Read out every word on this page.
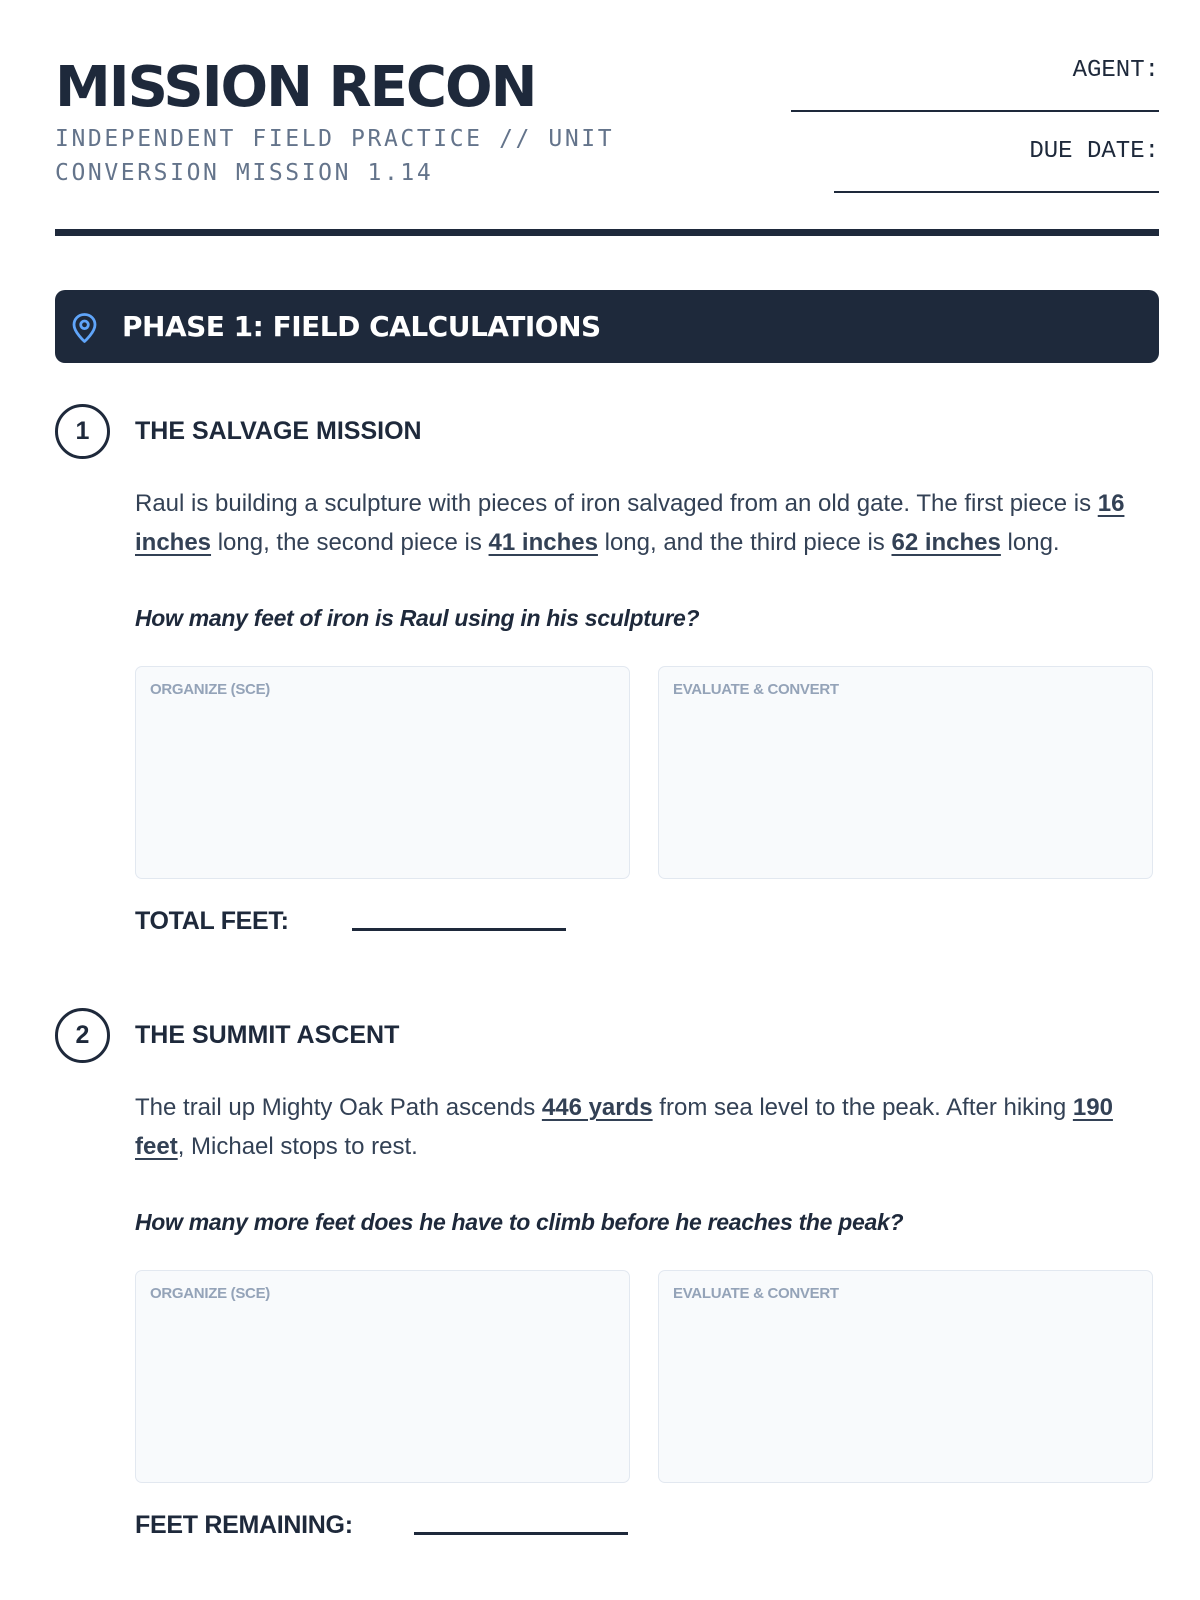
MISSION RECON

INDEPENDENT FIELD PRACTICE // UNIT
CONVERSION MISSION 1.14

AGENT:
DUE DATE:
PHASE 1: FIELD CALCULATIONS
1	THE SALVAGE MISSION

Raul is building a sculpture with pieces of iron salvaged from an old gate. The first piece is 16 inches long, the second piece is 41 inches long, and the third piece is 62 inches long.

How many feet of iron is Raul using in his sculpture?

ORGANIZE (SCE)	EVALUATE & CONVERT
TOTAL FEET:
2	THE SUMMIT ASCENT

The trail up Mighty Oak Path ascends 446 yards from sea level to the peak. After hiking 190 feet, Michael stops to rest.

How many more feet does he have to climb before he reaches the peak?

ORGANIZE (SCE)	EVALUATE & CONVERT
FEET REMAINING:
